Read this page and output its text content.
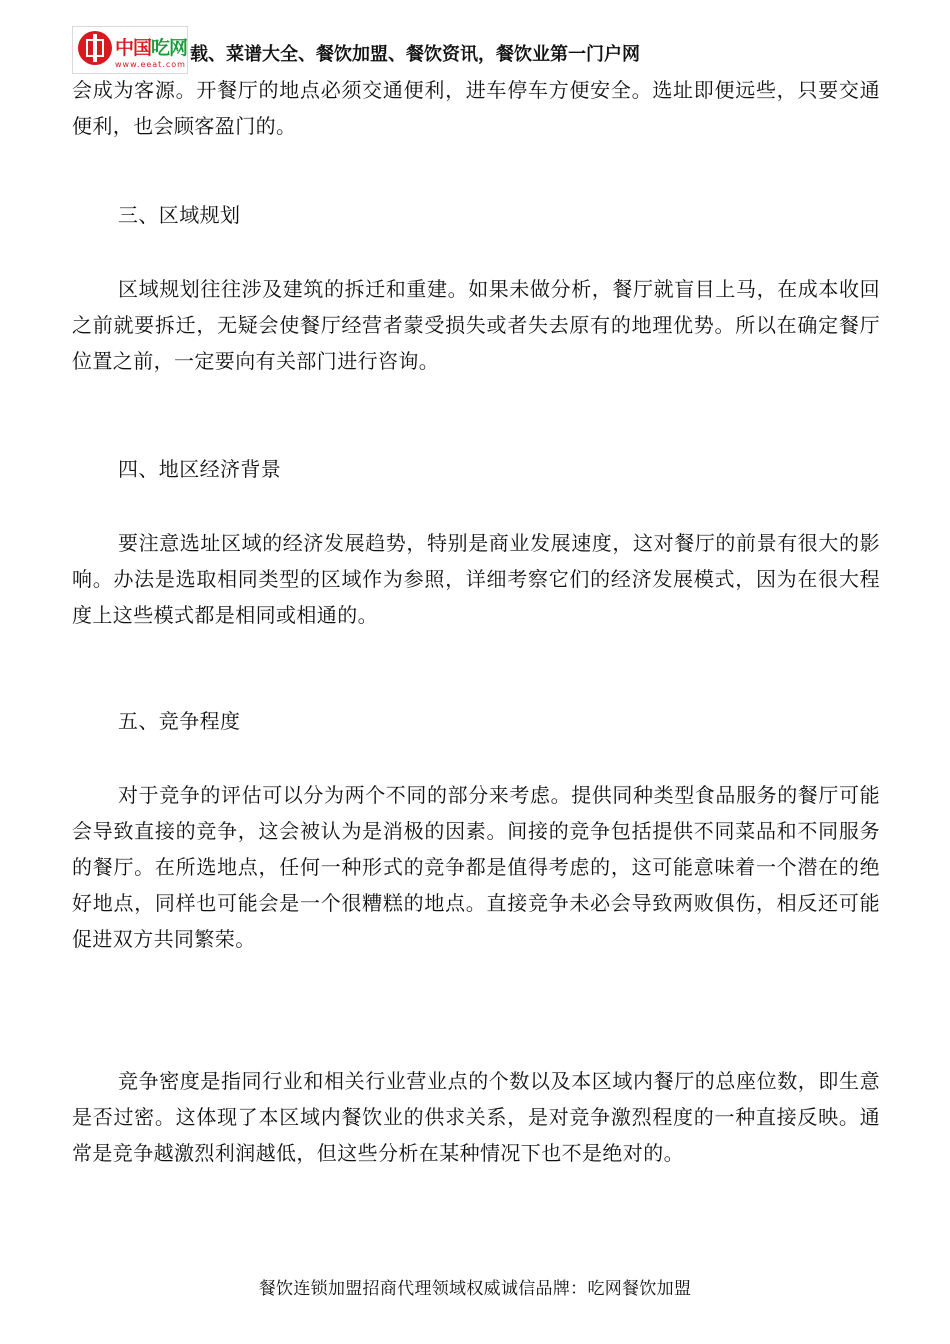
中国吃网
www.eeat.com 载、菜谱大全、餐饮加盟、餐饮资讯，餐饮业第一门户网

会成为客源。开餐厅的地点必须交通便利，进车停车方便安全。选址即便远些，只要交通便利，也会顾客盈门的。

三、区域规划

区域规划往往涉及建筑的拆迁和重建。如果未做分析，餐厅就盲目上马，在成本收回之前就要拆迁，无疑会使餐厅经营者蒙受损失或者失去原有的地理优势。所以在确定餐厅位置之前，一定要向有关部门进行咨询。

四、地区经济背景

要注意选址区域的经济发展趋势，特别是商业发展速度，这对餐厅的前景有很大的影响。办法是选取相同类型的区域作为参照，详细考察它们的经济发展模式，因为在很大程度上这些模式都是相同或相通的。

五、竞争程度

对于竞争的评估可以分为两个不同的部分来考虑。提供同种类型食品服务的餐厅可能会导致直接的竞争，这会被认为是消极的因素。间接的竞争包括提供不同菜品和不同服务的餐厅。在所选地点，任何一种形式的竞争都是值得考虑的，这可能意味着一个潜在的绝好地点，同样也可能会是一个很糟糕的地点。直接竞争未必会导致两败俱伤，相反还可能促进双方共同繁荣。

竞争密度是指同行业和相关行业营业点的个数以及本区域内餐厅的总座位数，即生意是否过密。这体现了本区域内餐饮业的供求关系，是对竞争激烈程度的一种直接反映。通常是竞争越激烈利润越低，但这些分析在某种情况下也不是绝对的。

餐饮连锁加盟招商代理领域权威诚信品牌：吃网餐饮加盟
